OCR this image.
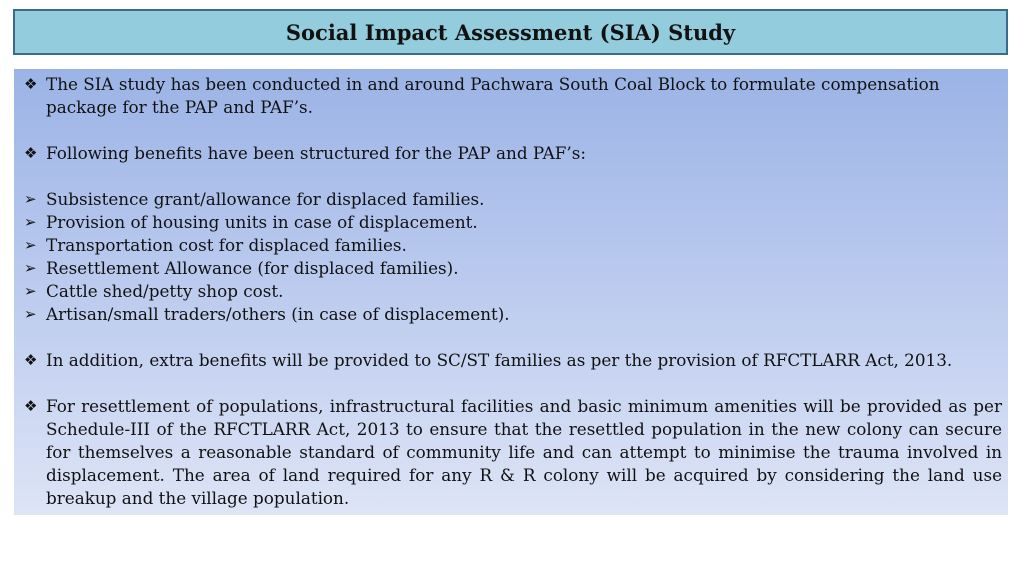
Social Impact Assessment (SIA) Study
❖ The SIA study has been conducted in and around Pachwara South Coal Block to formulate compensation package for the PAP and PAF’s.
❖ Following benefits have been structured for the PAP and PAF’s:
➢ Subsistence grant/allowance for displaced families.
➢ Provision of housing units in case of displacement.
➢ Transportation cost for displaced families.
➢ Resettlement Allowance (for displaced families).
➢ Cattle shed/petty shop cost.
➢ Artisan/small traders/others (in case of displacement).
❖ In addition, extra benefits will be provided to SC/ST families as per the provision of RFCTLARR Act, 2013.
❖ For resettlement of populations, infrastructural facilities and basic minimum amenities will be provided as per Schedule-III of the RFCTLARR Act, 2013 to ensure that the resettled population in the new colony can secure for themselves a reasonable standard of community life and can attempt to minimise the trauma involved in displacement. The area of land required for any R & R colony will be acquired by considering the land use breakup and the village population.
